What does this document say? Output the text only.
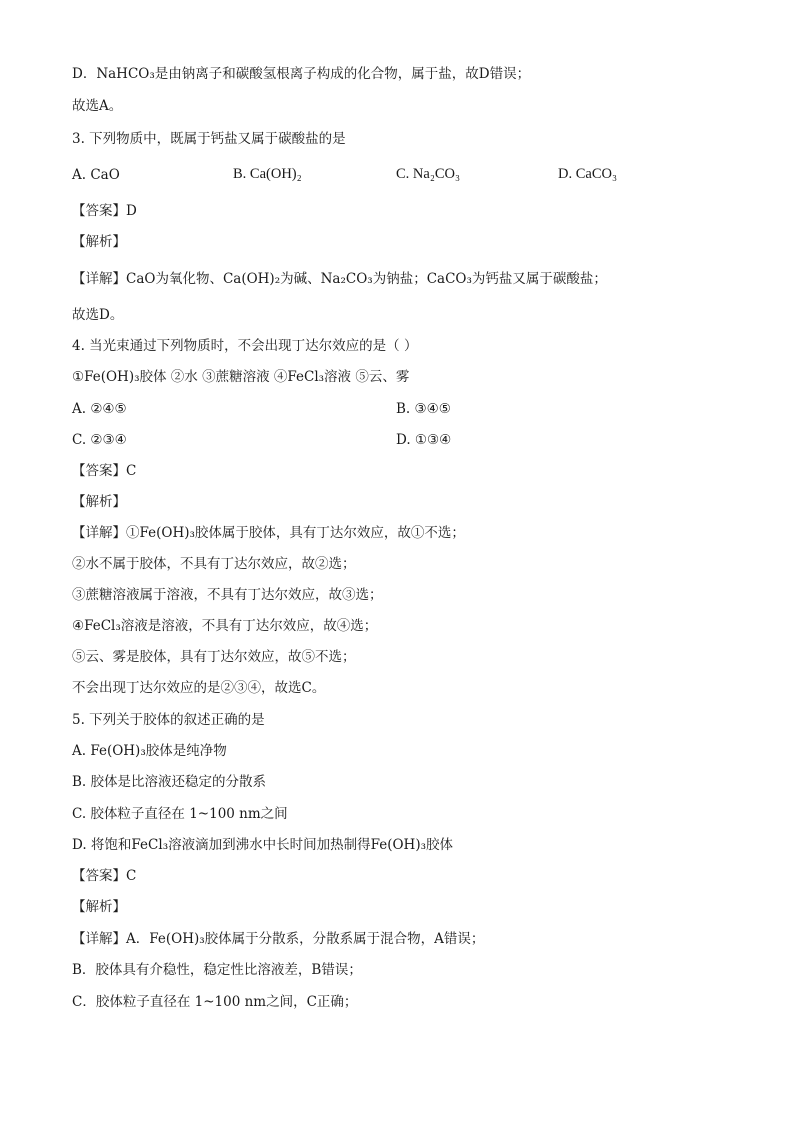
D．NaHCO₃是由钠离子和碳酸氢根离子构成的化合物，属于盐，故D错误；
故选A。
3. 下列物质中，既属于钙盐又属于碳酸盐的是
A. CaO	B. Ca(OH)₂	C. Na₂CO₃	D. CaCO₃
【答案】D
【解析】
【详解】CaO为氧化物、Ca(OH)₂为碱、Na₂CO₃为钠盐；CaCO₃为钙盐又属于碳酸盐；
故选D。
4. 当光束通过下列物质时，不会出现丁达尔效应的是（ ）
①Fe(OH)₃胶体 ②水 ③蔗糖溶液 ④FeCl₃溶液 ⑤云、雾
A. ②④⑤	B. ③④⑤
C. ②③④	D. ①③④
【答案】C
【解析】
【详解】①Fe(OH)₃胶体属于胶体，具有丁达尔效应，故①不选；
②水不属于胶体，不具有丁达尔效应，故②选；
③蔗糖溶液属于溶液，不具有丁达尔效应，故③选；
④FeCl₃溶液是溶液，不具有丁达尔效应，故④选；
⑤云、雾是胶体，具有丁达尔效应，故⑤不选；
不会出现丁达尔效应的是②③④，故选C。
5. 下列关于胶体的叙述正确的是
A. Fe(OH)₃胶体是纯净物
B. 胶体是比溶液还稳定的分散系
C. 胶体粒子直径在 1~100 nm之间
D. 将饱和FeCl₃溶液滴加到沸水中长时间加热制得Fe(OH)₃胶体
【答案】C
【解析】
【详解】A．Fe(OH)₃胶体属于分散系，分散系属于混合物，A错误；
B．胶体具有介稳性，稳定性比溶液差，B错误；
C．胶体粒子直径在 1~100 nm之间，C正确；
